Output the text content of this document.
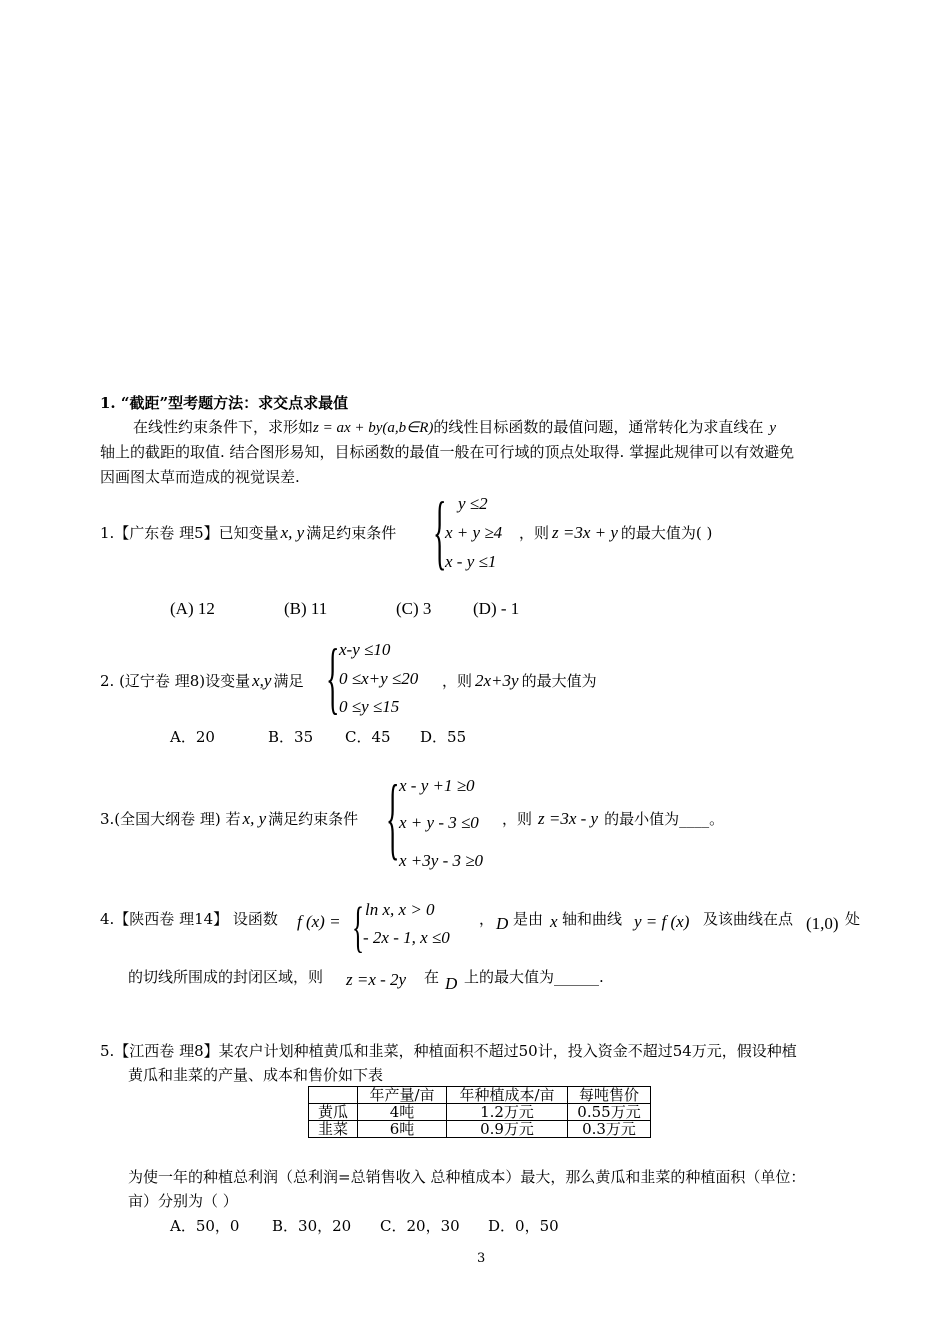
1. “截距”型考题方法：求交点求最值
在线性约束条件下，求形如z = ax + by(a,b∈R)的线性目标函数的最值问题，通常转化为求直线在 y
轴上的截距的取值. 结合图形易知，目标函数的最值一般在可行域的顶点处取得. 掌握此规律可以有效避免
因画图太草而造成的视觉误差.
1.【广东卷 理5】已知变量 x, y 满足约束条件 { y ≤2
x + y ≥4
x - y ≤1
，则 z =3x + y 的最大值为( )
(A) 12	(B) 11	(C) 3 (D) - 1
2. (辽宁卷 理8)设变量 x,y 满足 { x-y ≤10
0 ≤x+y ≤20
0 ≤y ≤15
，则 2x+3y 的最大值为
A．20	B．35 C．45 D．55
3.(全国大纲卷 理) 若 x, y 满足约束条件 { x - y +1 ≥0
x + y - 3 ≤0
x +3y - 3 ≥0
，则 z =3x - y 的最小值为____。
4.【陕西卷 理14】 设函数 f (x) = { ln x, x > 0
- 2x - 1, x ≤0
， D 是由 x 轴和曲线 y = f (x) 及该曲线在点 (1,0) 处
的切线所围成的封闭区域，则 z =x - 2y 在 D 上的最大值为______.
5.【江西卷 理8】某农户计划种植黄瓜和韭菜，种植面积不超过50计，投入资金不超过54万元，假设种植
黄瓜和韭菜的产量、成本和售价如下表
	年产量/亩	年种植成本/亩	每吨售价
黄瓜	4吨	1.2万元	0.55万元
韭菜	6吨	0.9万元	0.3万元
为使一年的种植总利润（总利润=总销售收入 总种植成本）最大，那么黄瓜和韭菜的种植面积（单位：
亩）分别为（ ）
A．50，0 B．30，20 C．20，30 D．0，50
3
